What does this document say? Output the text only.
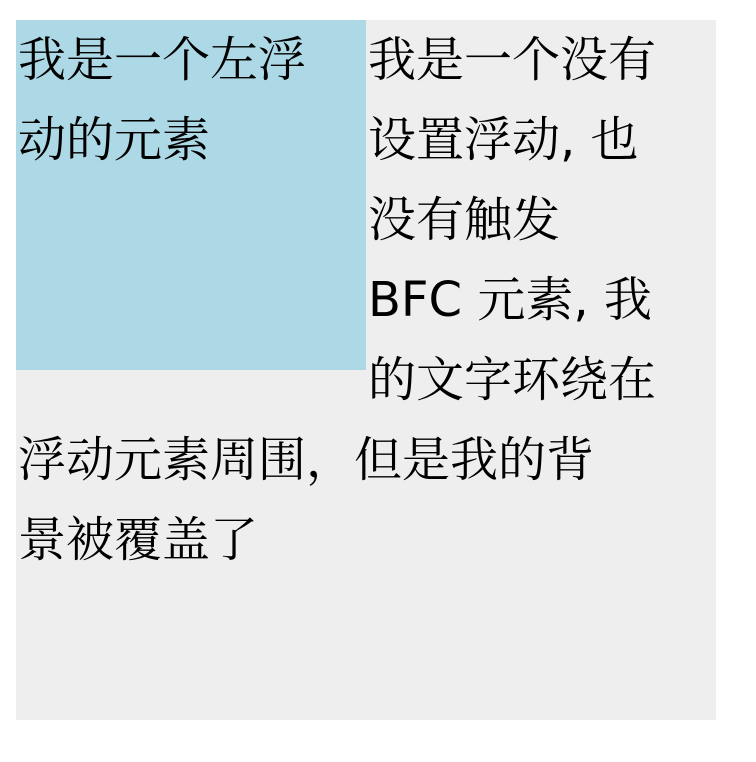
我是一个左浮
动的元素
我是一个没有
设置浮动, 也
没有触发
BFC 元素, 我
的文字环绕在
浮动元素周围，但是我的背
景被覆盖了
